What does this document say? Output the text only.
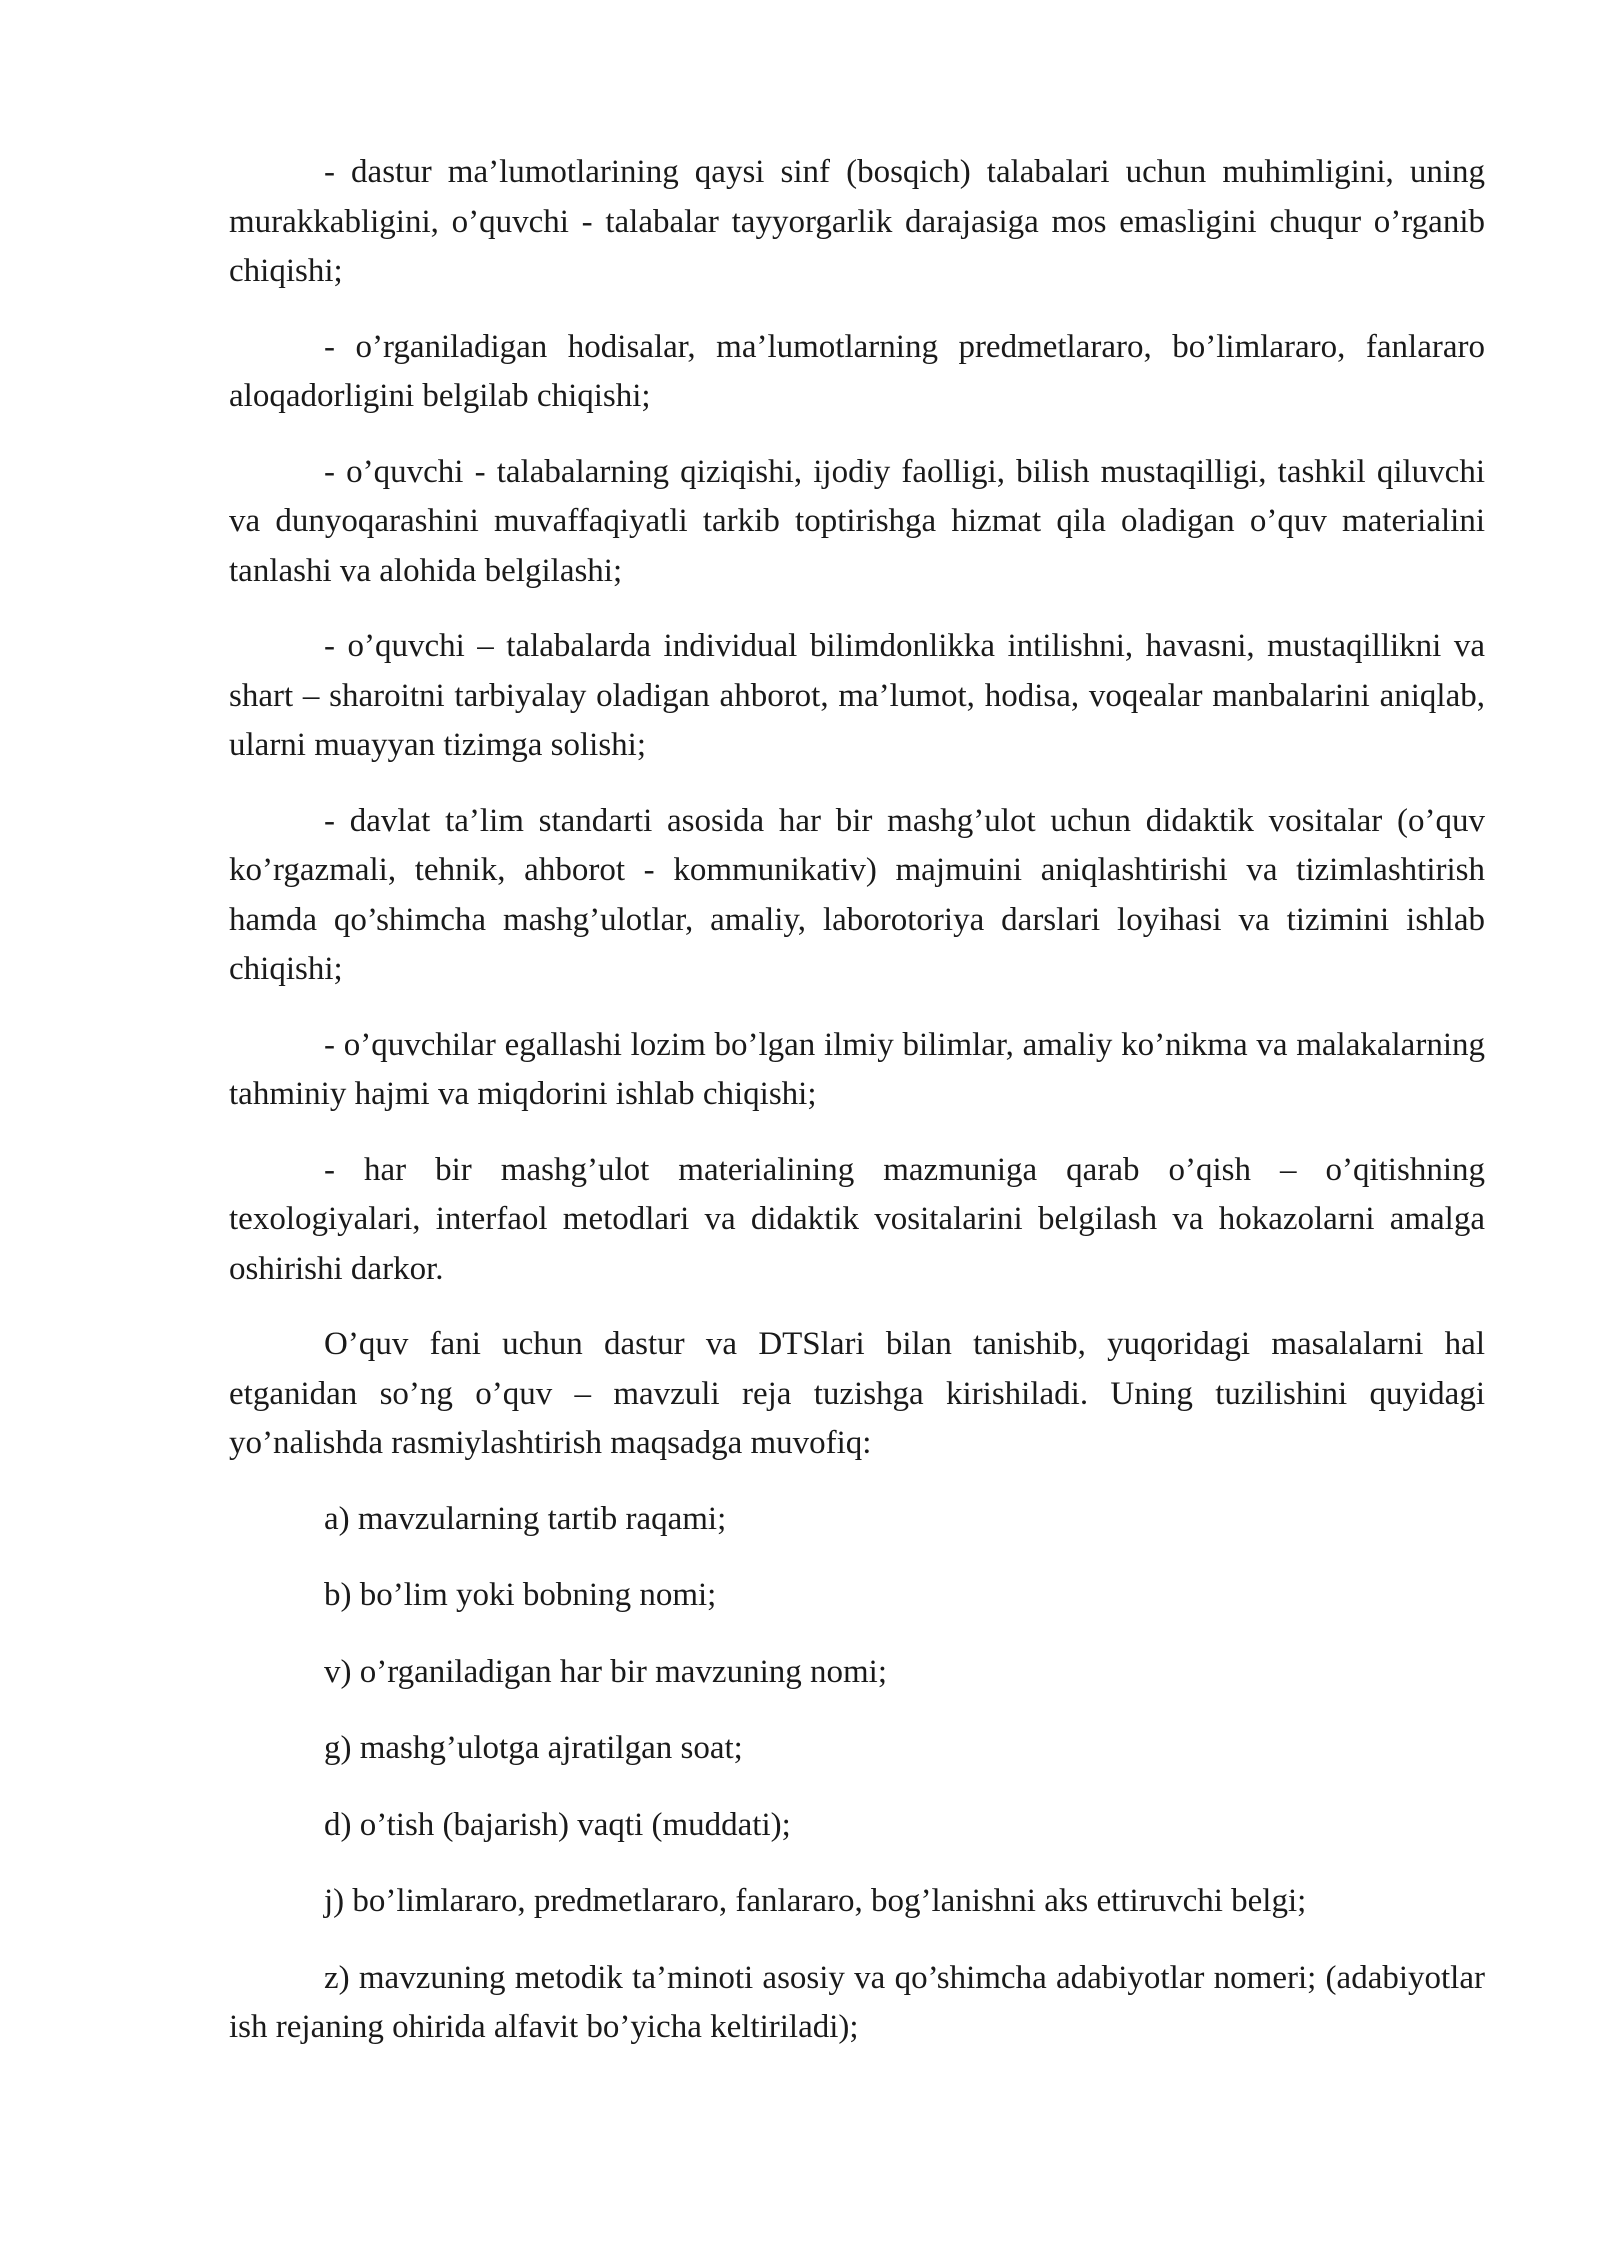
- dastur ma’lumotlarining qaysi sinf (bosqich) talabalari uchun muhimligini, uning murakkabligini, o’quvchi - talabalar tayyorgarlik darajasiga mos emasligini chuqur o’rganib chiqishi;

- o’rganiladigan hodisalar, ma’lumotlarning predmetlararo, bo’limlararo, fanlararo aloqadorligini belgilab chiqishi;

- o’quvchi - talabalarning qiziqishi, ijodiy faolligi, bilish mustaqilligi, tashkil qiluvchi va dunyoqarashini muvaffaqiyatli tarkib toptirishga hizmat qila oladigan o’quv materialini tanlashi va alohida belgilashi;

- o’quvchi – talabalarda individual bilimdonlikka intilishni, havasni, mustaqillikni va shart – sharoitni tarbiyalay oladigan ahborot, ma’lumot, hodisa, voqealar manbalarini aniqlab, ularni muayyan tizimga solishi;

- davlat ta’lim standarti asosida har bir mashg’ulot uchun didaktik vositalar (o’quv ko’rgazmali, tehnik, ahborot - kommunikativ) majmuini aniqlashtirishi va tizimlashtirish hamda qo’shimcha mashg’ulotlar, amaliy, laborotoriya darslari loyihasi va tizimini ishlab chiqishi;

- o’quvchilar egallashi lozim bo’lgan ilmiy bilimlar, amaliy ko’nikma va malakalarning tahminiy hajmi va miqdorini ishlab chiqishi;

- har bir mashg’ulot materialining mazmuniga qarab o’qish – o’qitishning teхologiyalari, interfaol metodlari va didaktik vositalarini belgilash va hokazolarni amalga oshirishi darkor.

O’quv fani uchun dastur va DTSlari bilan tanishib, yuqoridagi masalalarni hal etganidan so’ng o’quv – mavzuli reja tuzishga kirishiladi. Uning tuzilishini quyidagi yo’nalishda rasmiylashtirish maqsadga muvofiq:

a) mavzularning tartib raqami;

b) bo’lim yoki bobning nomi;

v) o’rganiladigan har bir mavzuning nomi;

g) mashg’ulotga ajratilgan soat;

d) o’tish (bajarish) vaqti (muddati);

j) bo’limlararo, predmetlararo, fanlararo, bog’lanishni aks ettiruvchi belgi;

z) mavzuning metodik ta’minoti asosiy va qo’shimcha adabiyotlar nomeri; (adabiyotlar ish rejaning ohirida alfavit bo’yicha keltiriladi);
